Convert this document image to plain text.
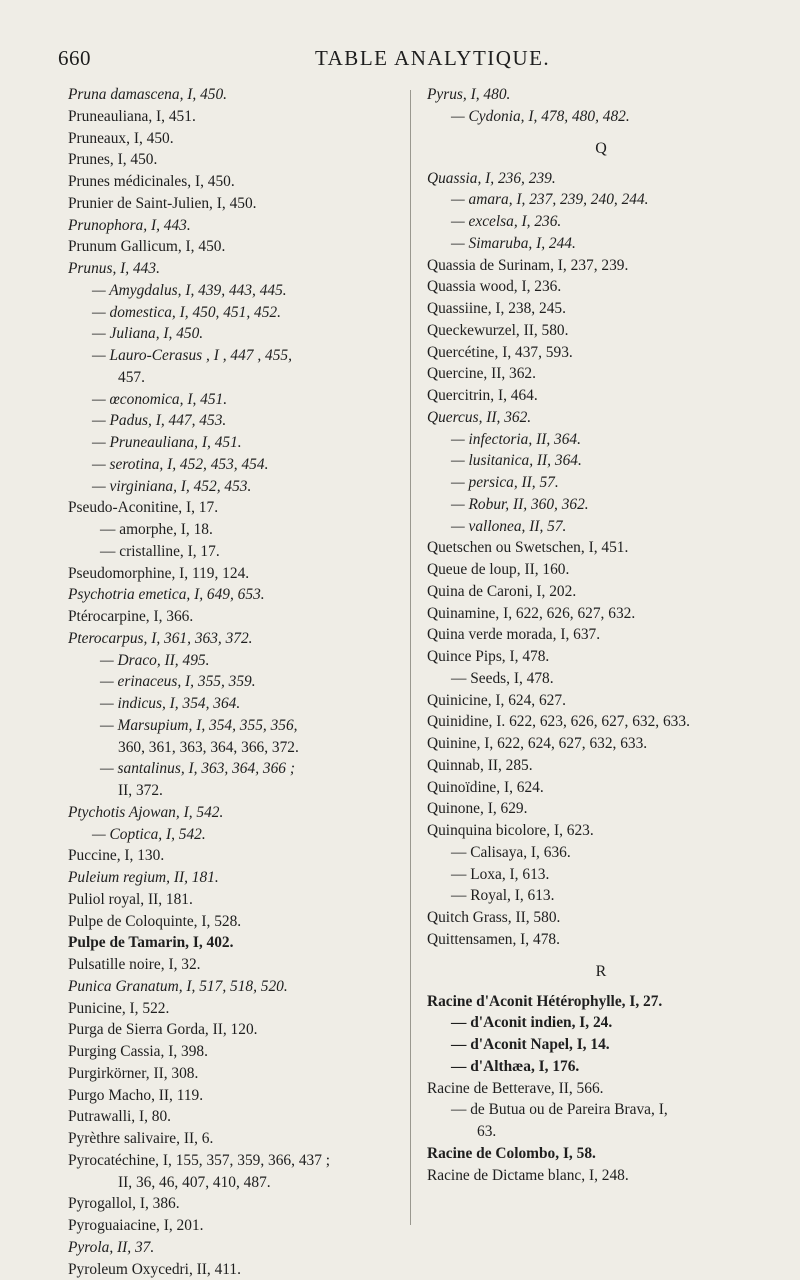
660	TABLE ANALYTIQUE.
Pruna damascena, I, 450.
Pruneauliana, I, 451.
Pruneaux, I, 450.
Prunes, I, 450.
Prunes médicinales, I, 450.
Prunier de Saint-Julien, I, 450.
Prunophora, I, 443.
Prunum Gallicum, I, 450.
Prunus, I, 443.
— Amygdalus, I, 439, 443, 445.
— domestica, I, 450, 451, 452.
— Juliana, I, 450.
— Lauro-Cerasus , I , 447 , 455,
457.
— œconomica, I, 451.
— Padus, I, 447, 453.
— Pruneauliana, I, 451.
— serotina, I, 452, 453, 454.
— virginiana, I, 452, 453.
Pseudo-Aconitine, I, 17.
— amorphe, I, 18.
— cristalline, I, 17.
Pseudomorphine, I, 119, 124.
Psychotria emetica, I, 649, 653.
Ptérocarpine, I, 366.
Pterocarpus, I, 361, 363, 372.
— Draco, II, 495.
— erinaceus, I, 355, 359.
— indicus, I, 354, 364.
— Marsupium, I, 354, 355, 356,
360, 361, 363, 364, 366, 372.
— santalinus, I, 363, 364, 366 ;
II, 372.
Ptychotis Ajowan, I, 542.
— Coptica, I, 542.
Puccine, I, 130.
Puleium regium, II, 181.
Puliol royal, II, 181.
Pulpe de Coloquinte, I, 528.
Pulpe de Tamarin, I, 402.
Pulsatille noire, I, 32.
Punica Granatum, I, 517, 518, 520.
Punicine, I, 522.
Purga de Sierra Gorda, II, 120.
Purging Cassia, I, 398.
Purgirkörner, II, 308.
Purgo Macho, II, 119.
Putrawalli, I, 80.
Pyrèthre salivaire, II, 6.
Pyrocatéchine, I, 155, 357, 359, 366, 437 ;
II, 36, 46, 407, 410, 487.
Pyrogallol, I, 386.
Pyroguaiacine, I, 201.
Pyrola, II, 37.
Pyroleum Oxycedri, II, 411.
Pyrus, I, 480.
— Cydonia, I, 478, 480, 482.
Q
Quassia, I, 236, 239.
— amara, I, 237, 239, 240, 244.
— excelsa, I, 236.
— Simaruba, I, 244.
Quassia de Surinam, I, 237, 239.
Quassia wood, I, 236.
Quassiine, I, 238, 245.
Queckewurzel, II, 580.
Quercétine, I, 437, 593.
Quercine, II, 362.
Quercitrin, I, 464.
Quercus, II, 362.
— infectoria, II, 364.
— lusitanica, II, 364.
— persica, II, 57.
— Robur, II, 360, 362.
— vallonea, II, 57.
Quetschen ou Swetschen, I, 451.
Queue de loup, II, 160.
Quina de Caroni, I, 202.
Quinamine, I, 622, 626, 627, 632.
Quina verde morada, I, 637.
Quince Pips, I, 478.
— Seeds, I, 478.
Quinicine, I, 624, 627.
Quinidine, I. 622, 623, 626, 627, 632, 633.
Quinine, I, 622, 624, 627, 632, 633.
Quinnab, II, 285.
Quinoïdine, I, 624.
Quinone, I, 629.
Quinquina bicolore, I, 623.
— Calisaya, I, 636.
— Loxa, I, 613.
— Royal, I, 613.
Quitch Grass, II, 580.
Quittensamen, I, 478.
R
Racine d'Aconit Hétérophylle, I, 27.
— d'Aconit indien, I, 24.
— d'Aconit Napel, I, 14.
— d'Althæa, I, 176.
Racine de Betterave, II, 566.
— de Butua ou de Pareira Brava, I,
63.
Racine de Colombo, I, 58.
Racine de Dictame blanc, I, 248.
